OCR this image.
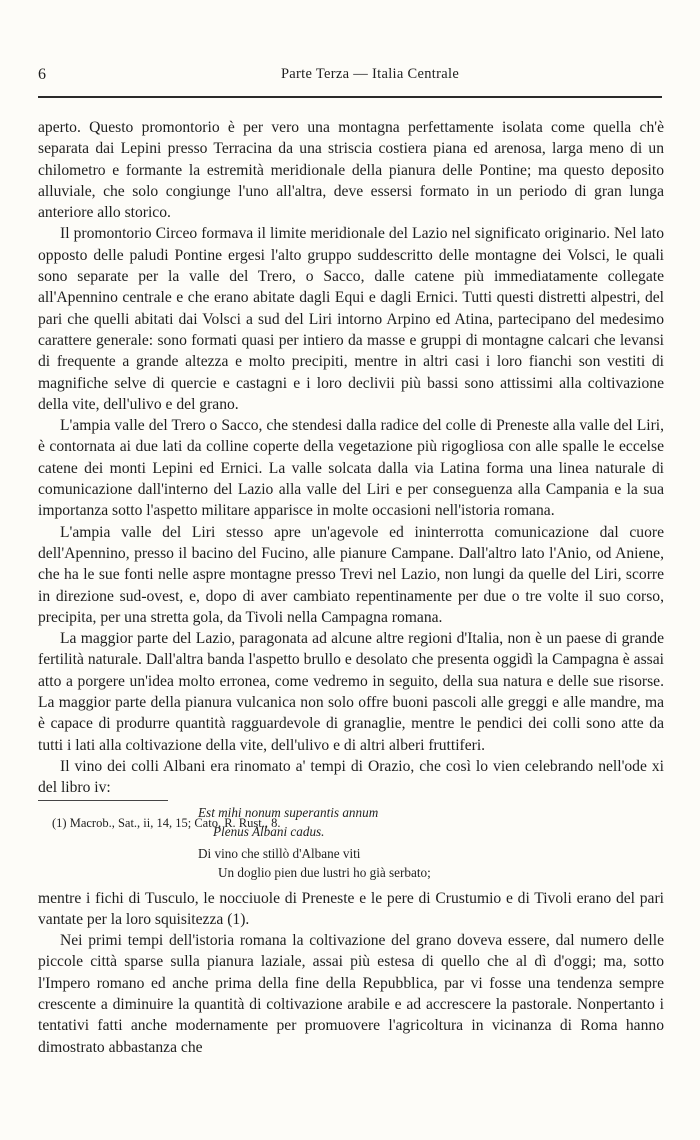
6	Parte Terza — Italia Centrale

aperto. Questo promontorio è per vero una montagna perfettamente isolata come quella ch'è separata dai Lepini presso Terracina da una striscia costiera piana ed arenosa, larga meno di un chilometro e formante la estremità meridionale della pianura delle Pontine; ma questo deposito alluviale, che solo congiunge l'uno all'altra, deve essersi formato in un periodo di gran lunga anteriore allo storico.

Il promontorio Circeo formava il limite meridionale del Lazio nel significato originario. Nel lato opposto delle paludi Pontine ergesi l'alto gruppo suddescritto delle montagne dei Volsci, le quali sono separate per la valle del Trero, o Sacco, dalle catene più immediatamente collegate all'Apennino centrale e che erano abitate dagli Equi e dagli Ernici. Tutti questi distretti alpestri, del pari che quelli abitati dai Volsci a sud del Liri intorno Arpino ed Atina, partecipano del medesimo carattere generale: sono formati quasi per intiero da masse e gruppi di montagne calcari che levansi di frequente a grande altezza e molto precipiti, mentre in altri casi i loro fianchi son vestiti di magnifiche selve di quercie e castagni e i loro declivii più bassi sono attissimi alla coltivazione della vite, dell'ulivo e del grano.

L'ampia valle del Trero o Sacco, che stendesi dalla radice del colle di Preneste alla valle del Liri, è contornata ai due lati da colline coperte della vegetazione più rigogliosa con alle spalle le eccelse catene dei monti Lepini ed Ernici. La valle solcata dalla via Latina forma una linea naturale di comunicazione dall'interno del Lazio alla valle del Liri e per conseguenza alla Campania e la sua importanza sotto l'aspetto militare apparisce in molte occasioni nell'istoria romana.

L'ampia valle del Liri stesso apre un'agevole ed ininterrotta comunicazione dal cuore dell'Apennino, presso il bacino del Fucino, alle pianure Campane. Dall'altro lato l'Anio, od Aniene, che ha le sue fonti nelle aspre montagne presso Trevi nel Lazio, non lungi da quelle del Liri, scorre in direzione sud-ovest, e, dopo di aver cambiato repentinamente per due o tre volte il suo corso, precipita, per una stretta gola, da Tivoli nella Campagna romana.

La maggior parte del Lazio, paragonata ad alcune altre regioni d'Italia, non è un paese di grande fertilità naturale. Dall'altra banda l'aspetto brullo e desolato che presenta oggidì la Campagna è assai atto a porgere un'idea molto erronea, come vedremo in seguito, della sua natura e delle sue risorse. La maggior parte della pianura vulcanica non solo offre buoni pascoli alle greggi e alle mandre, ma è capace di produrre quantità ragguardevole di granaglie, mentre le pendici dei colli sono atte da tutti i lati alla coltivazione della vite, dell'ulivo e di altri alberi fruttiferi.

Il vino dei colli Albani era rinomato a' tempi di Orazio, che così lo vien celebrando nell'ode xi del libro iv:

Est mihi nonum superantis annum
Plenus Albani cadus.
Di vino che stillò d'Albane viti
Un doglio pien due lustri ho già serbato;

mentre i fichi di Tusculo, le nocciuole di Preneste e le pere di Crustumio e di Tivoli erano del pari vantate per la loro squisitezza (1).

Nei primi tempi dell'istoria romana la coltivazione del grano doveva essere, dal numero delle piccole città sparse sulla pianura laziale, assai più estesa di quello che al dì d'oggi; ma, sotto l'Impero romano ed anche prima della fine della Repubblica, par vi fosse una tendenza sempre crescente a diminuire la quantità di coltivazione arabile e ad accrescere la pastorale. Nonpertanto i tentativi fatti anche modernamente per promuovere l'agricoltura in vicinanza di Roma hanno dimostrato abbastanza che

(1) Macrob., Sat., ii, 14, 15; Cato, R. Rust., 8.
